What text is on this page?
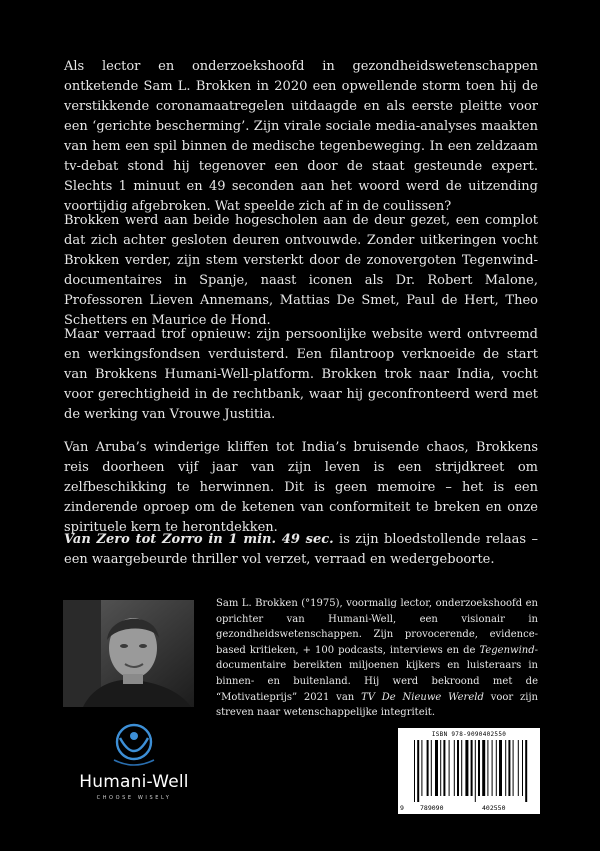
Als lector en onderzoekshoofd in gezondheidswetenschappen ontketende Sam L. Brokken in 2020 een opwellende storm toen hij de verstikkende coronamaatregelen uitdaagde en als eerste pleitte voor een ‘gerichte bescherming’. Zijn virale sociale media-analyses maakten van hem een spil binnen de medische tegenbeweging. In een zeldzaam tv-debat stond hij tegenover een door de staat gesteunde expert. Slechts 1 minuut en 49 seconden aan het woord werd de uitzending voortijdig afgebroken. Wat speelde zich af in de coulissen?

Brokken werd aan beide hogescholen aan de deur gezet, een complot dat zich achter gesloten deuren ontvouwde. Zonder uitkeringen vocht Brokken verder, zijn stem versterkt door de zonovergoten Tegenwind-documentaires in Spanje, naast iconen als Dr. Robert Malone, Professoren Lieven Annemans, Mattias De Smet, Paul de Hert, Theo Schetters en Maurice de Hond.

Maar verraad trof opnieuw: zijn persoonlijke website werd ontvreemd en werkingsfondsen verduisterd. Een filantroop verknoeide de start van Brokkens Humani-Well-platform. Brokken trok naar India, vocht voor gerechtigheid in de rechtbank, waar hij geconfronteerd werd met de werking van Vrouwe Justitia.

Van Aruba’s winderige kliffen tot India’s bruisende chaos, Brokkens reis doorheen vijf jaar van zijn leven is een strijdkreet om zelfbeschikking te herwinnen. Dit is geen memoire – het is een zinderende oproep om de ketenen van conformiteit te breken en onze spirituele kern te herontdekken.

Van Zero tot Zorro in 1 min. 49 sec. is zijn bloedstollende relaas – een waargebeurde thriller vol verzet, verraad en wedergeboorte.

Sam L. Brokken (°1975), voormalig lector, onderzoekshoofd en oprichter van Humani-Well, een visionair in gezondheidswetenschappen. Zijn provocerende, evidence-based kritieken, + 100 podcasts, interviews en de Tegenwind-documentaire bereikten miljoenen kijkers en luisteraars in binnen- en buitenland. Hij werd bekroond met de “Motivatieprijs” 2021 van TV De Nieuwe Wereld voor zijn streven naar wetenschappelijke integriteit.

Humani-Well
CHOOSE WISELY
ISBN 978-9090402550
9 789090	402550
